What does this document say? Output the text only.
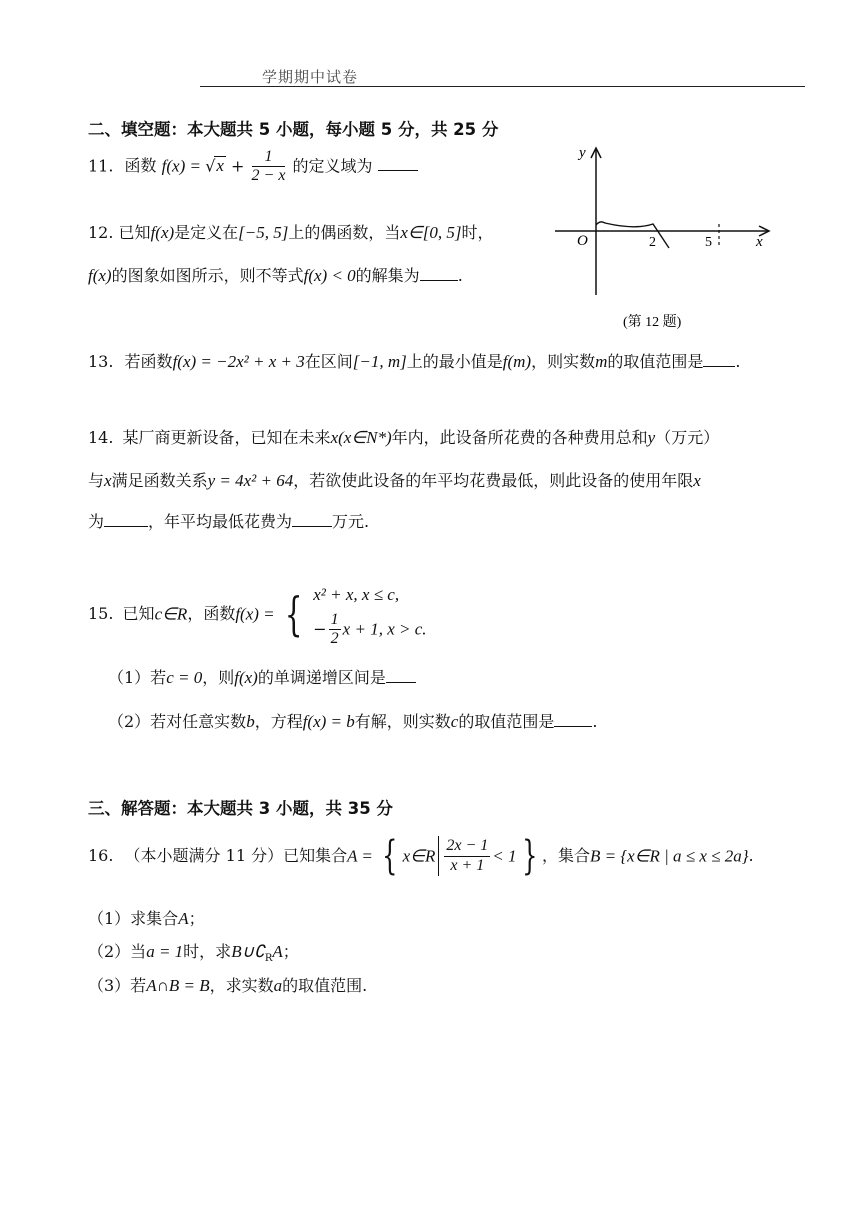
学期期中试卷
二、填空题：本大题共 5 小题，每小题 5 分，共 25 分
11. 函数 $f(x) = √x + \frac{1}{2 - x}$ 的定义域为
12. 已知f(x)是定义在[−5, 5]上的偶函数，当x∈[0, 5]时，
f(x)的图象如图所示，则不等式f(x) < 0的解集为 .
y
x
O	2	5
(第 12 题)
13. 若函数f(x) = −2x² + x + 3在区间[−1, m]上的最小值是f(m)，则实数m的取值范围是 .
14. 某厂商更新设备，已知在未来x(x∈N*)年内，此设备所花费的各种费用总和y（万元）
与x满足函数关系y = 4x² + 64，若欲使此设备的年平均花费最低，则此设备的使用年限x
为	，年平均最低花费为	万元.
15. 已知c∈R，函数f(x) = { x² + x, x ≤ c,
− $\frac{1}{2}$ x + 1, x > c.
（1）若c = 0，则f(x)的单调递增区间是
（2）若对任意实数b，方程f(x) = b有解，则实数c的取值范围是 .
三、解答题：本大题共 3 小题，共 35 分
16. （本小题满分 11 分）已知集合A = { x∈R $\frac{2x - 1}{x + 1} < 1$ } ，集合B = {x∈R | a ≤ x ≤ 2a}.
（1）求集合A；
（2）当a = 1时，求$B\cup∁_RA$；
（3）若A∩B = B，求实数a的取值范围.
